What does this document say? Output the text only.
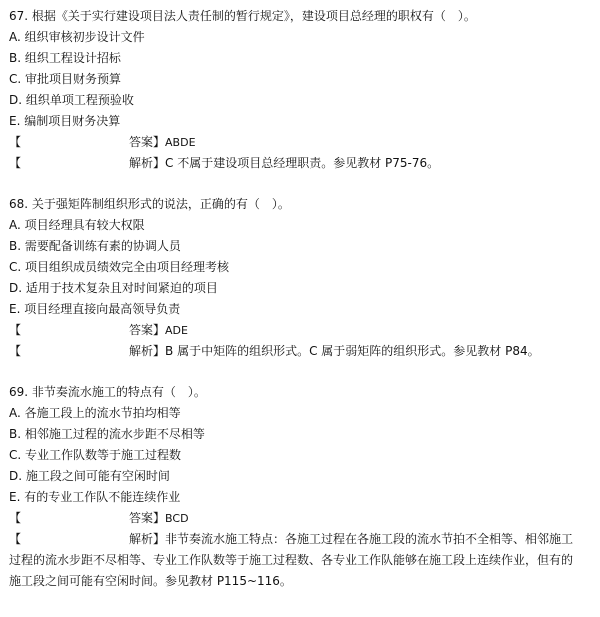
67. 根据《关于实行建设项目法人责任制的暂行规定》，建设项目总经理的职权有（　）。
A. 组织审核初步设计文件
B. 组织工程设计招标
C. 审批项目财务预算
D. 组织单项工程预验收
E. 编制项目财务决算
【	答案】ABDE
【	解析】C 不属于建设项目总经理职责。参见教材 P75-76。
68. 关于强矩阵制组织形式的说法，正确的有（　）。
A. 项目经理具有较大权限
B. 需要配备训练有素的协调人员
C. 项目组织成员绩效完全由项目经理考核
D. 适用于技术复杂且对时间紧迫的项目
E. 项目经理直接向最高领导负责
【	答案】ADE
【	解析】B 属于中矩阵的组织形式。C 属于弱矩阵的组织形式。参见教材 P84。
69. 非节奏流水施工的特点有（　）。
A. 各施工段上的流水节拍均相等
B. 相邻施工过程的流水步距不尽相等
C. 专业工作队数等于施工过程数
D. 施工段之间可能有空闲时间
E. 有的专业工作队不能连续作业
【	答案】BCD
【	解析】非节奏流水施工特点：各施工过程在各施工段的流水节拍不全相等、相邻施工过程的流水步距不尽相等、专业工作队数等于施工过程数、各专业工作队能够在施工段上连续作业，但有的施工段之间可能有空闲时间。参见教材 P115~116。
